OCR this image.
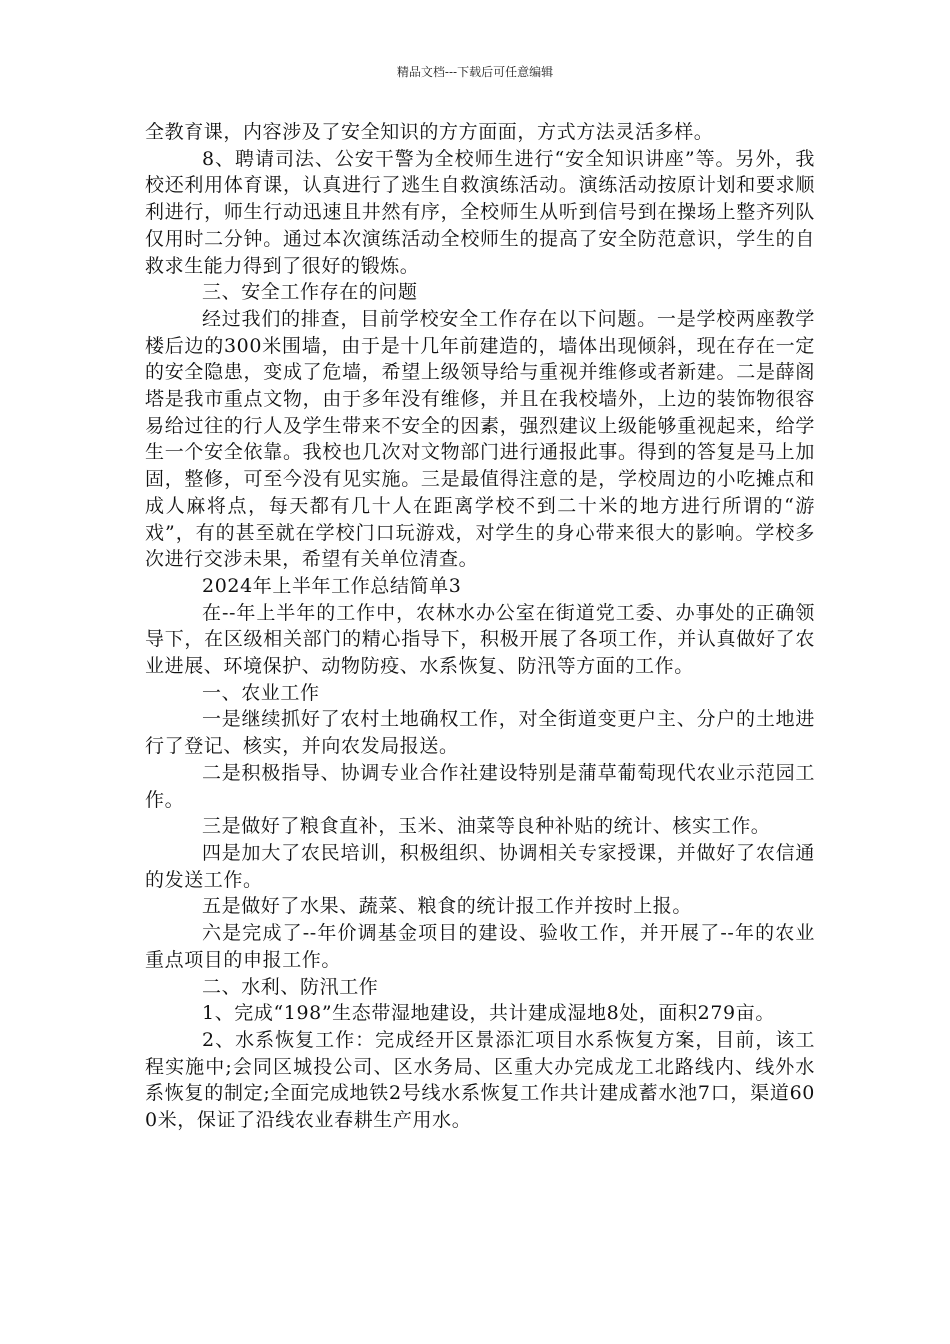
精品文档---下载后可任意编辑

全教育课，内容涉及了安全知识的方方面面，方式方法灵活多样。

8、聘请司法、公安干警为全校师生进行“安全知识讲座”等。另外，我校还利用体育课，认真进行了逃生自救演练活动。演练活动按原计划和要求顺利进行，师生行动迅速且井然有序，全校师生从听到信号到在操场上整齐列队仅用时二分钟。通过本次演练活动全校师生的提高了安全防范意识，学生的自救求生能力得到了很好的锻炼。

三、安全工作存在的问题

经过我们的排查，目前学校安全工作存在以下问题。一是学校两座教学楼后边的300米围墙，由于是十几年前建造的，墙体出现倾斜，现在存在一定的安全隐患，变成了危墙，希望上级领导给与重视并维修或者新建。二是薛阁塔是我市重点文物，由于多年没有维修，并且在我校墙外，上边的装饰物很容易给过往的行人及学生带来不安全的因素，强烈建议上级能够重视起来，给学生一个安全依靠。我校也几次对文物部门进行通报此事。得到的答复是马上加固，整修，可至今没有见实施。三是最值得注意的是，学校周边的小吃摊点和成人麻将点，每天都有几十人在距离学校不到二十米的地方进行所谓的“游戏”，有的甚至就在学校门口玩游戏，对学生的身心带来很大的影响。学校多次进行交涉未果，希望有关单位清查。

2024年上半年工作总结简单3

在--年上半年的工作中，农林水办公室在街道党工委、办事处的正确领导下，在区级相关部门的精心指导下，积极开展了各项工作，并认真做好了农业进展、环境保护、动物防疫、水系恢复、防汛等方面的工作。

一、农业工作

一是继续抓好了农村土地确权工作，对全街道变更户主、分户的土地进行了登记、核实，并向农发局报送。

二是积极指导、协调专业合作社建设特别是蒲草葡萄现代农业示范园工作。

三是做好了粮食直补，玉米、油菜等良种补贴的统计、核实工作。

四是加大了农民培训，积极组织、协调相关专家授课，并做好了农信通的发送工作。

五是做好了水果、蔬菜、粮食的统计报工作并按时上报。

六是完成了--年价调基金项目的建设、验收工作，并开展了--年的农业重点项目的申报工作。

二、水利、防汛工作

1、完成“198”生态带湿地建设，共计建成湿地8处，面积279亩。

2、水系恢复工作：完成经开区景添汇项目水系恢复方案，目前，该工程实施中;会同区城投公司、区水务局、区重大办完成龙工北路线内、线外水系恢复的制定;全面完成地铁2号线水系恢复工作共计建成蓄水池7口，渠道600米，保证了沿线农业春耕生产用水。
